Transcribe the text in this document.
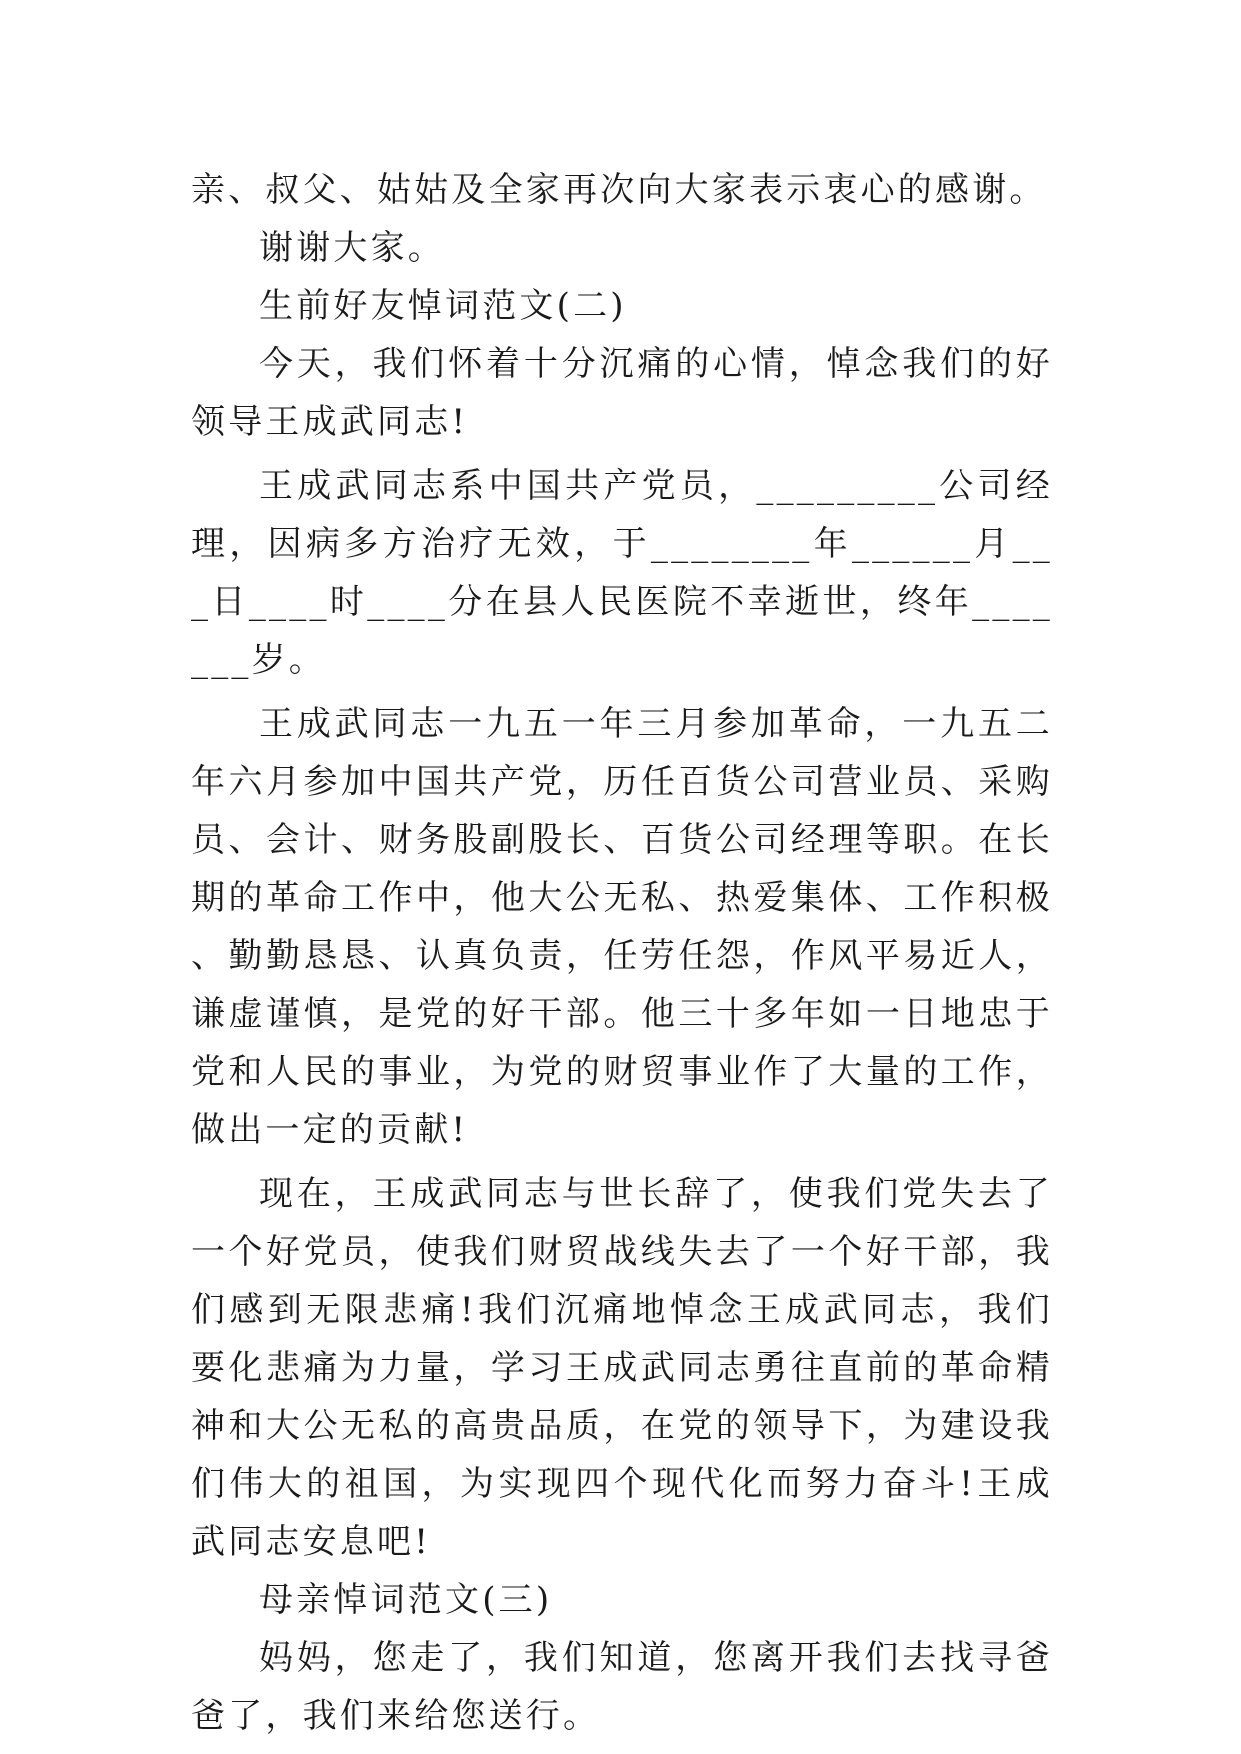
亲、叔父、姑姑及全家再次向大家表示衷心的感谢。

谢谢大家。

生前好友悼词范文(二)

今天，我们怀着十分沉痛的心情，悼念我们的好领导王成武同志!

王成武同志系中国共产党员，_________公司经理，因病多方治疗无效，于________年______月___日____时____分在县人民医院不幸逝世，终年_______岁。

王成武同志一九五一年三月参加革命，一九五二年六月参加中国共产党，历任百货公司营业员、采购员、会计、财务股副股长、百货公司经理等职。在长期的革命工作中，他大公无私、热爱集体、工作积极、勤勤恳恳、认真负责，任劳任怨，作风平易近人，谦虚谨慎，是党的好干部。他三十多年如一日地忠于党和人民的事业，为党的财贸事业作了大量的工作，做出一定的贡献!

现在，王成武同志与世长辞了，使我们党失去了一个好党员，使我们财贸战线失去了一个好干部，我们感到无限悲痛!我们沉痛地悼念王成武同志，我们要化悲痛为力量，学习王成武同志勇往直前的革命精神和大公无私的高贵品质，在党的领导下，为建设我们伟大的祖国，为实现四个现代化而努力奋斗!王成武同志安息吧!

母亲悼词范文(三)

妈妈，您走了，我们知道，您离开我们去找寻爸爸了，我们来给您送行。
